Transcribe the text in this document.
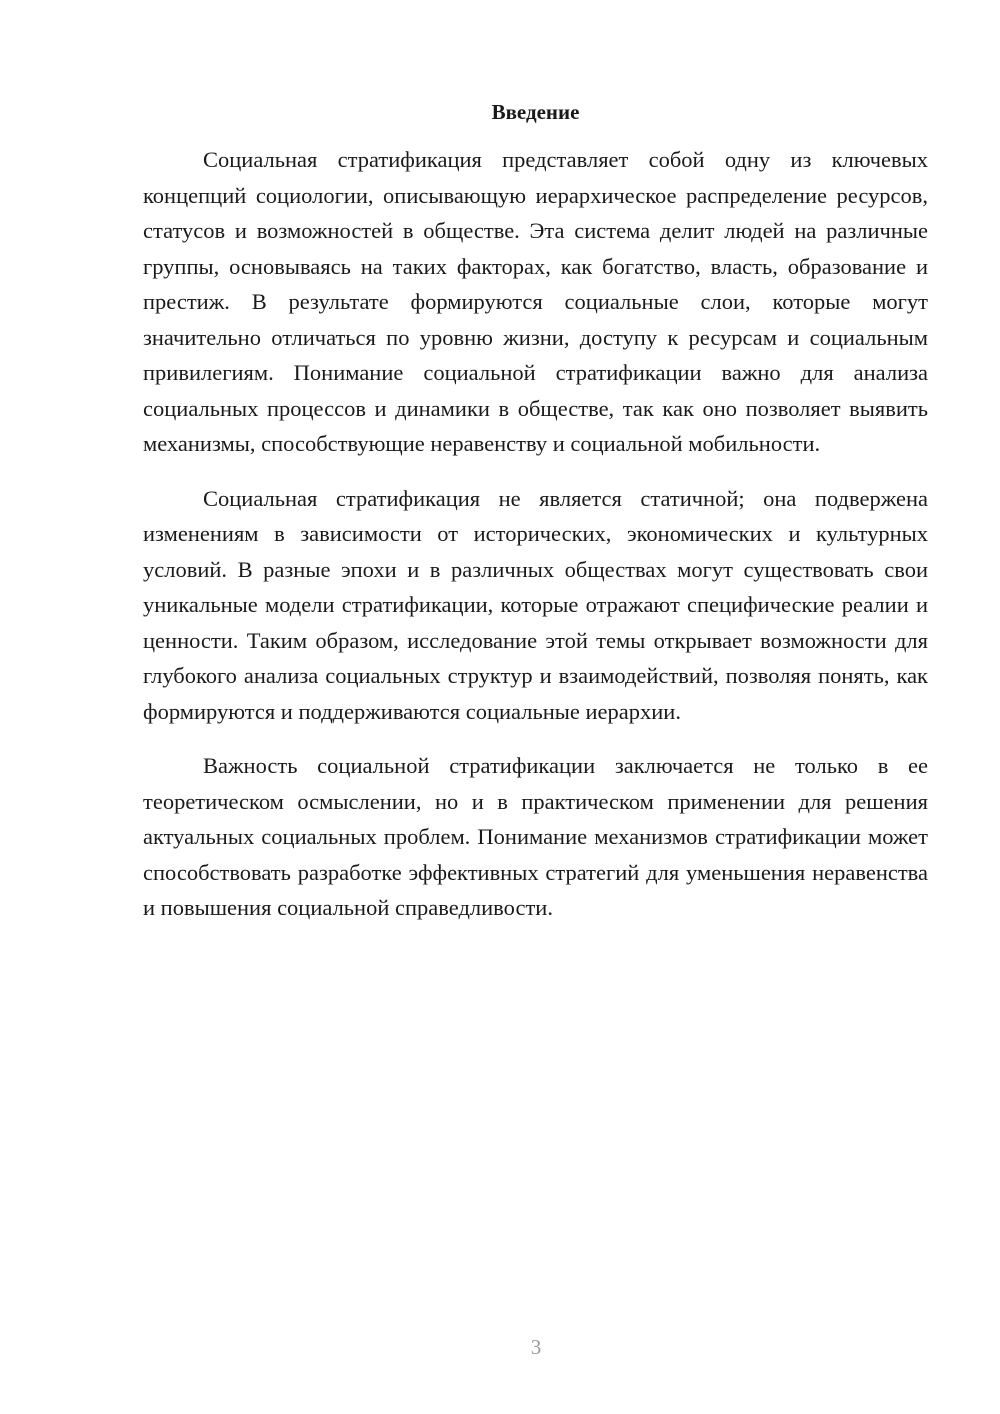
Введение

Социальная стратификация представляет собой одну из ключевых концепций социологии, описывающую иерархическое распределение ресурсов, статусов и возможностей в обществе. Эта система делит людей на различные группы, основываясь на таких факторах, как богатство, власть, образование и престиж. В результате формируются социальные слои, которые могут значительно отличаться по уровню жизни, доступу к ресурсам и социальным привилегиям. Понимание социальной стратификации важно для анализа социальных процессов и динамики в обществе, так как оно позволяет выявить механизмы, способствующие неравенству и социальной мобильности.

Социальная стратификация не является статичной; она подвержена изменениям в зависимости от исторических, экономических и культурных условий. В разные эпохи и в различных обществах могут существовать свои уникальные модели стратификации, которые отражают специфические реалии и ценности. Таким образом, исследование этой темы открывает возможности для глубокого анализа социальных структур и взаимодействий, позволяя понять, как формируются и поддерживаются социальные иерархии.

Важность социальной стратификации заключается не только в ее теоретическом осмыслении, но и в практическом применении для решения актуальных социальных проблем. Понимание механизмов стратификации может способствовать разработке эффективных стратегий для уменьшения неравенства и повышения социальной справедливости.

3
